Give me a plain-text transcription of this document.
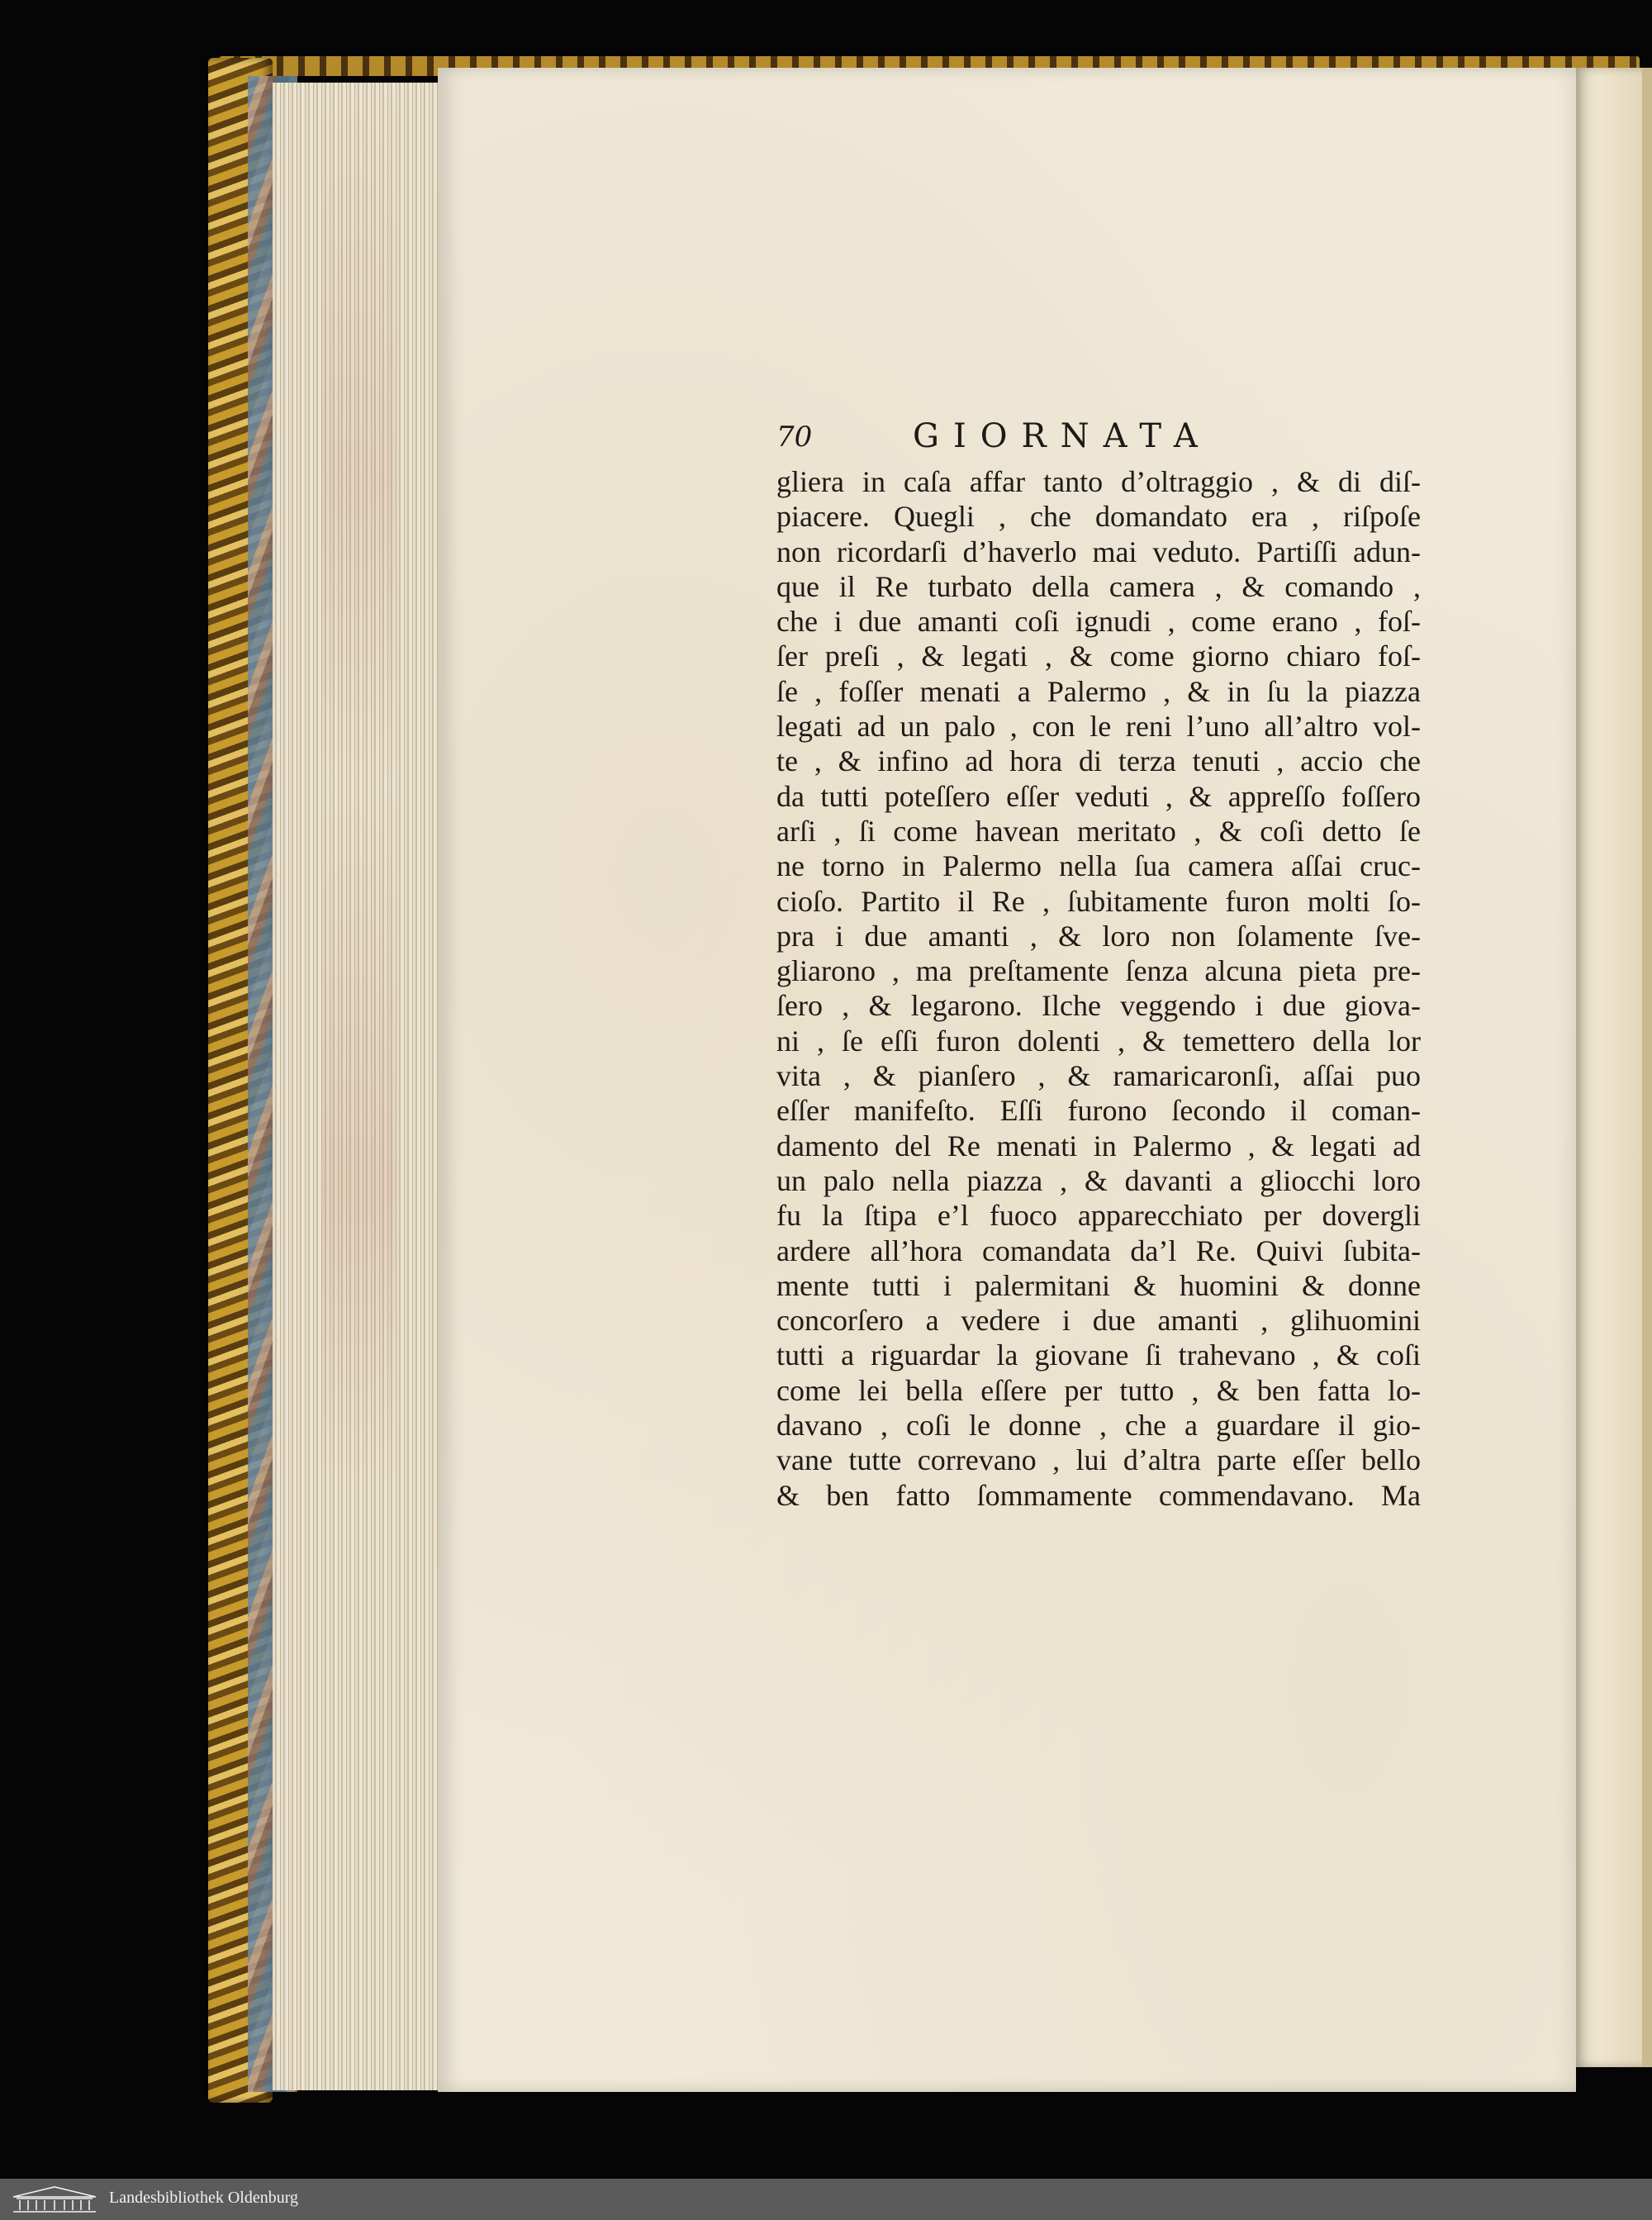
70	GIORNATA
gliera in caſa affar tanto d’oltraggio , & di diſ-
piacere. Quegli , che domandato era , riſpoſe
non ricordarſi d’haverlo mai veduto. Partiſſi adun-
que il Re turbato della camera , & comando ,
che i due amanti coſi ignudi , come erano , foſ-
ſer preſi , & legati , & come giorno chiaro foſ-
ſe , foſſer menati a Palermo , & in ſu la piazza
legati ad un palo , con le reni l’uno all’altro vol-
te , & infino ad hora di terza tenuti , accio che
da tutti poteſſero eſſer veduti , & appreſſo foſſero
arſi , ſi come havean meritato , & coſi detto ſe
ne torno in Palermo nella ſua camera aſſai cruc-
cioſo. Partito il Re , ſubitamente furon molti ſo-
pra i due amanti , & loro non ſolamente ſve-
gliarono , ma preſtamente ſenza alcuna pieta pre-
ſero , & legarono. Ilche veggendo i due giova-
ni , ſe eſſi furon dolenti , & temettero della lor
vita , & pianſero , & ramaricaronſi, aſſai puo
eſſer manifeſto. Eſſi furono ſecondo il coman-
damento del Re menati in Palermo , & legati ad
un palo nella piazza , & davanti a gliocchi loro
fu la ſtipa e’l fuoco apparecchiato per dovergli
ardere all’hora comandata da’l Re. Quivi ſubita-
mente tutti i palermitani & huomini & donne
concorſero a vedere i due amanti , glihuomini
tutti a riguardar la giovane ſi trahevano , & coſi
come lei bella eſſere per tutto , & ben fatta lo-
davano , coſi le donne , che a guardare il gio-
vane tutte correvano , lui d’altra parte eſſer bello
& ben fatto ſommamente commendavano. Ma
Landesbibliothek Oldenburg
